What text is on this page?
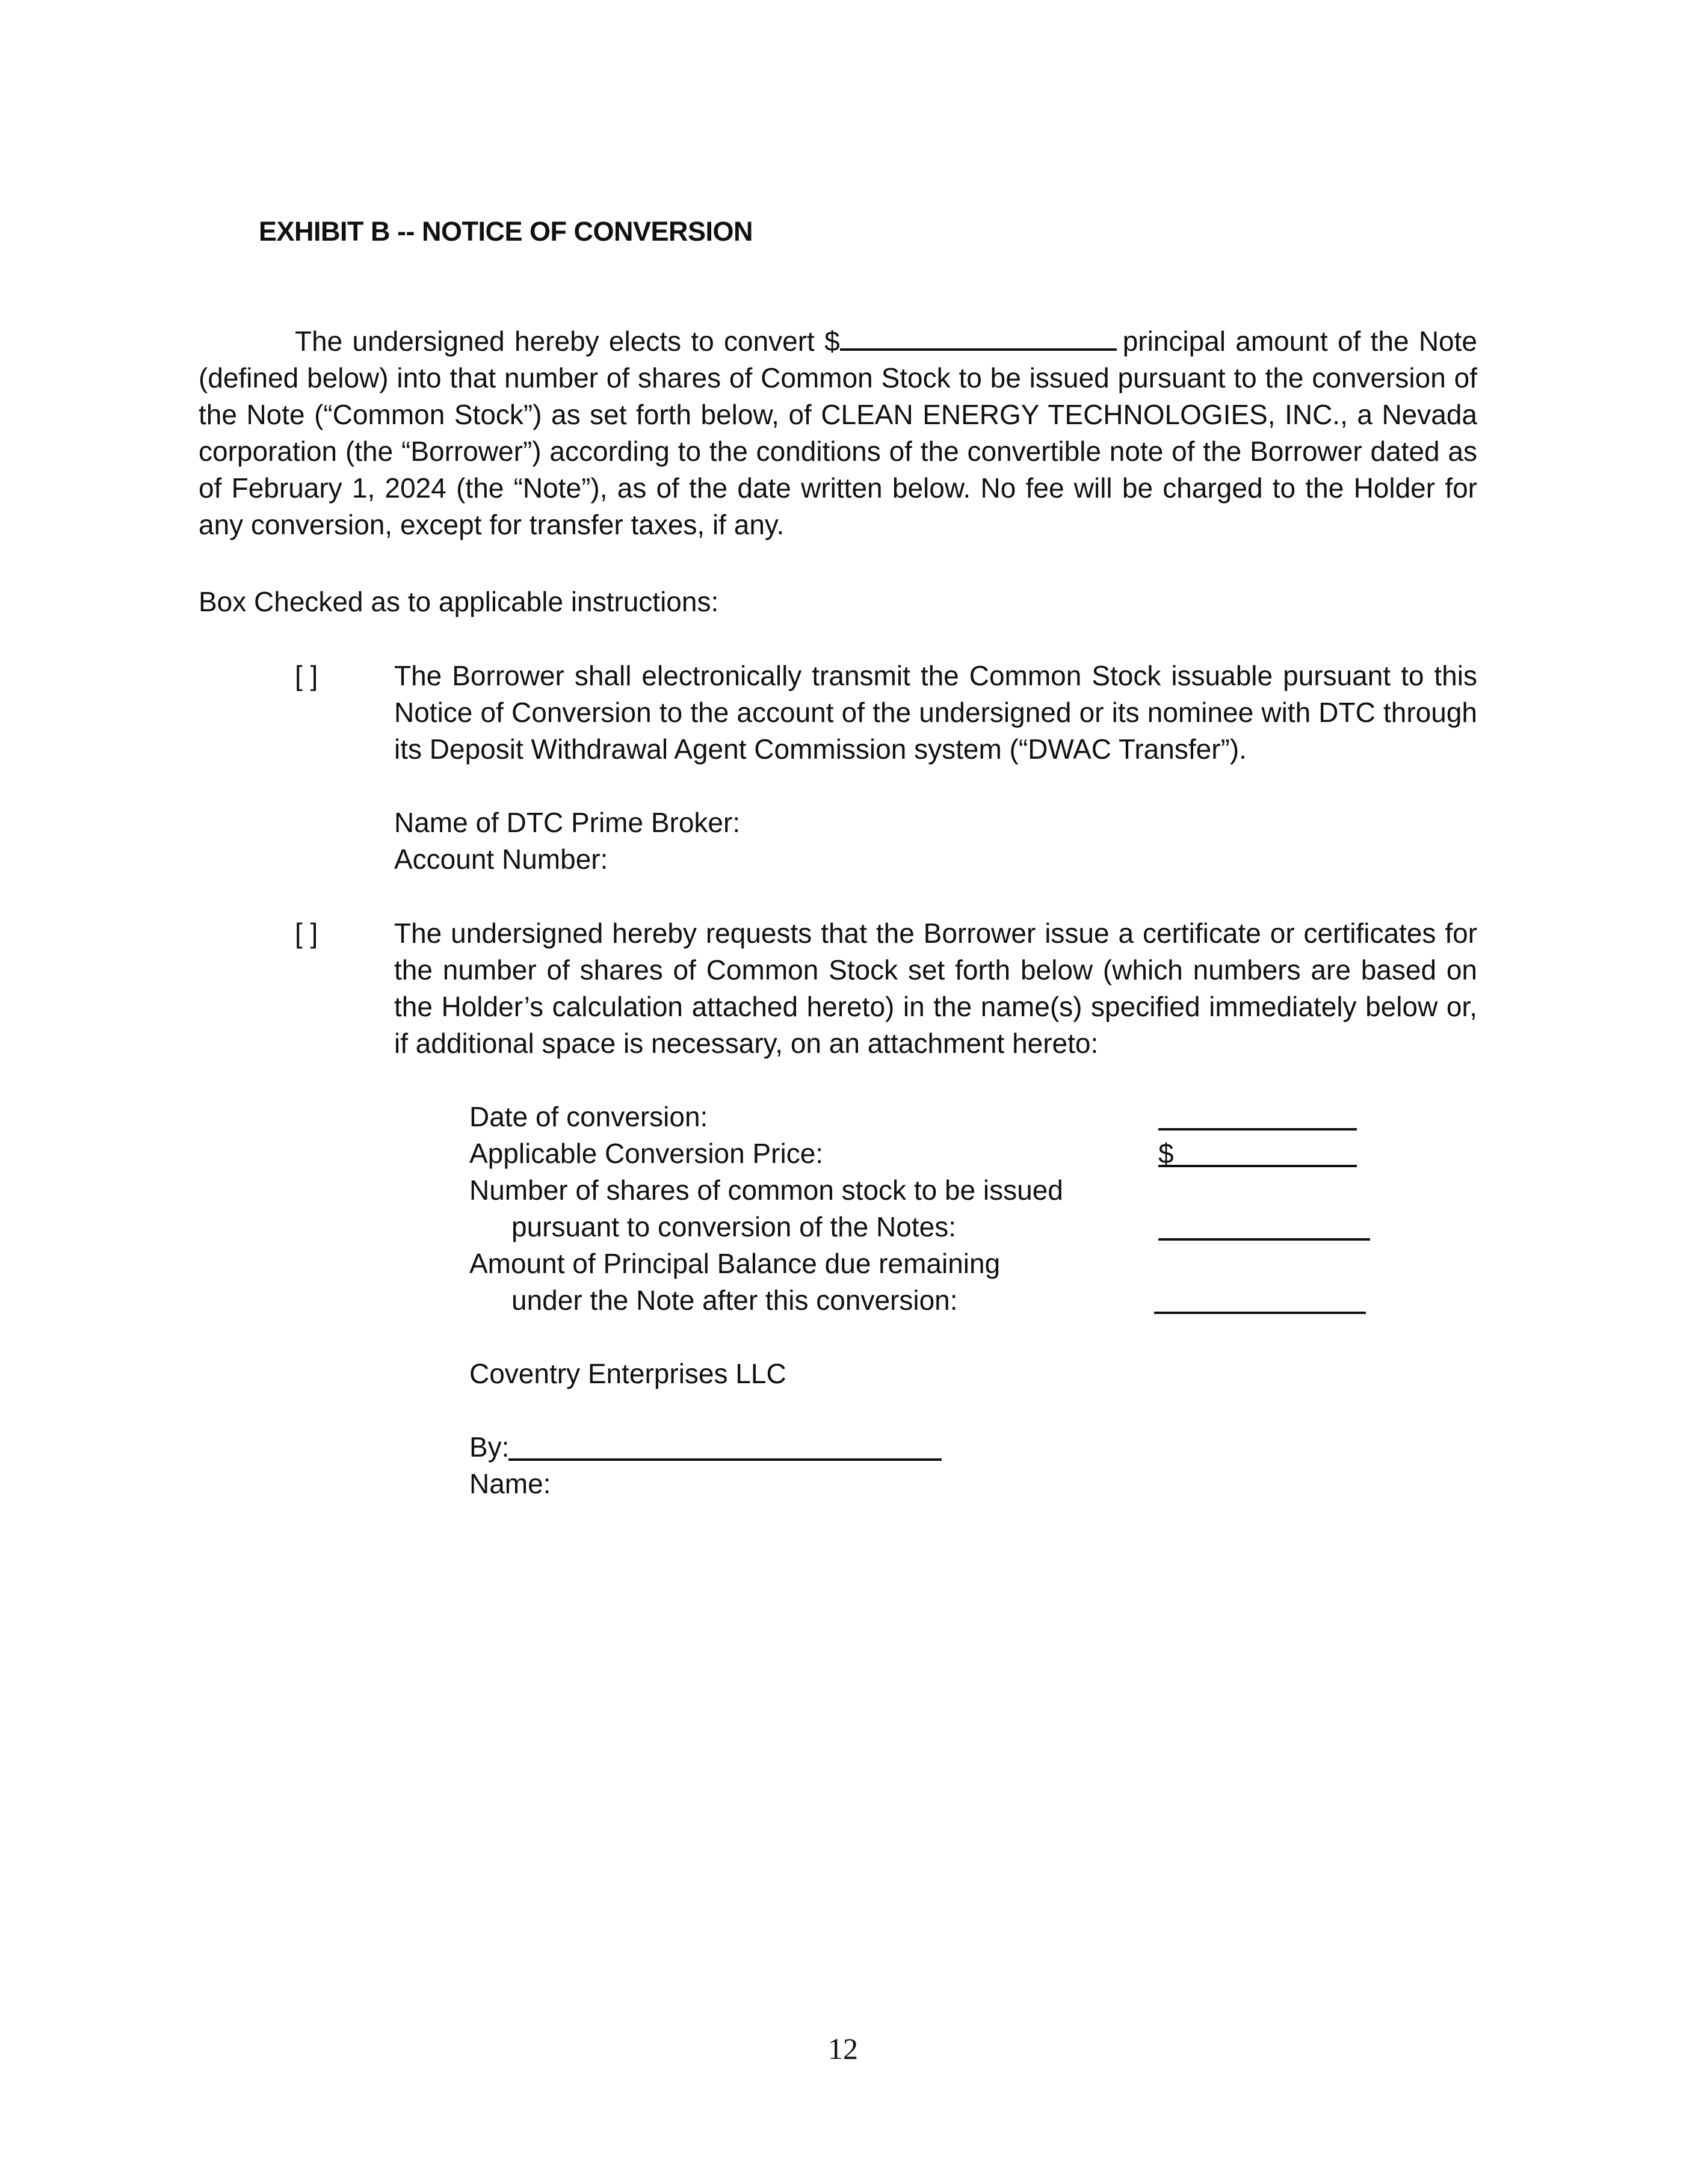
EXHIBIT B -- NOTICE OF CONVERSION
The undersigned hereby elects to convert $	principal amount of the Note (defined below) into that number of shares of Common Stock to be issued pursuant to the conversion of the Note (“Common Stock”) as set forth below, of CLEAN ENERGY TECHNOLOGIES, INC., a Nevada corporation (the “Borrower”) according to the conditions of the convertible note of the Borrower dated as of February 1, 2024 (the “Note”), as of the date written below. No fee will be charged to the Holder for any conversion, except for transfer taxes, if any.
Box Checked as to applicable instructions:
[ ]	The Borrower shall electronically transmit the Common Stock issuable pursuant to this Notice of Conversion to the account of the undersigned or its nominee with DTC through its Deposit Withdrawal Agent Commission system (“DWAC Transfer”).
Name of DTC Prime Broker:
Account Number:
[ ]	The undersigned hereby requests that the Borrower issue a certificate or certificates for the number of shares of Common Stock set forth below (which numbers are based on the Holder’s calculation attached hereto) in the name(s) specified immediately below or, if additional space is necessary, on an attachment hereto:
Date of conversion:
Applicable Conversion Price:	$
Number of shares of common stock to be issued
pursuant to conversion of the Notes:
Amount of Principal Balance due remaining
under the Note after this conversion:
Coventry Enterprises LLC
By:
Name:
12
